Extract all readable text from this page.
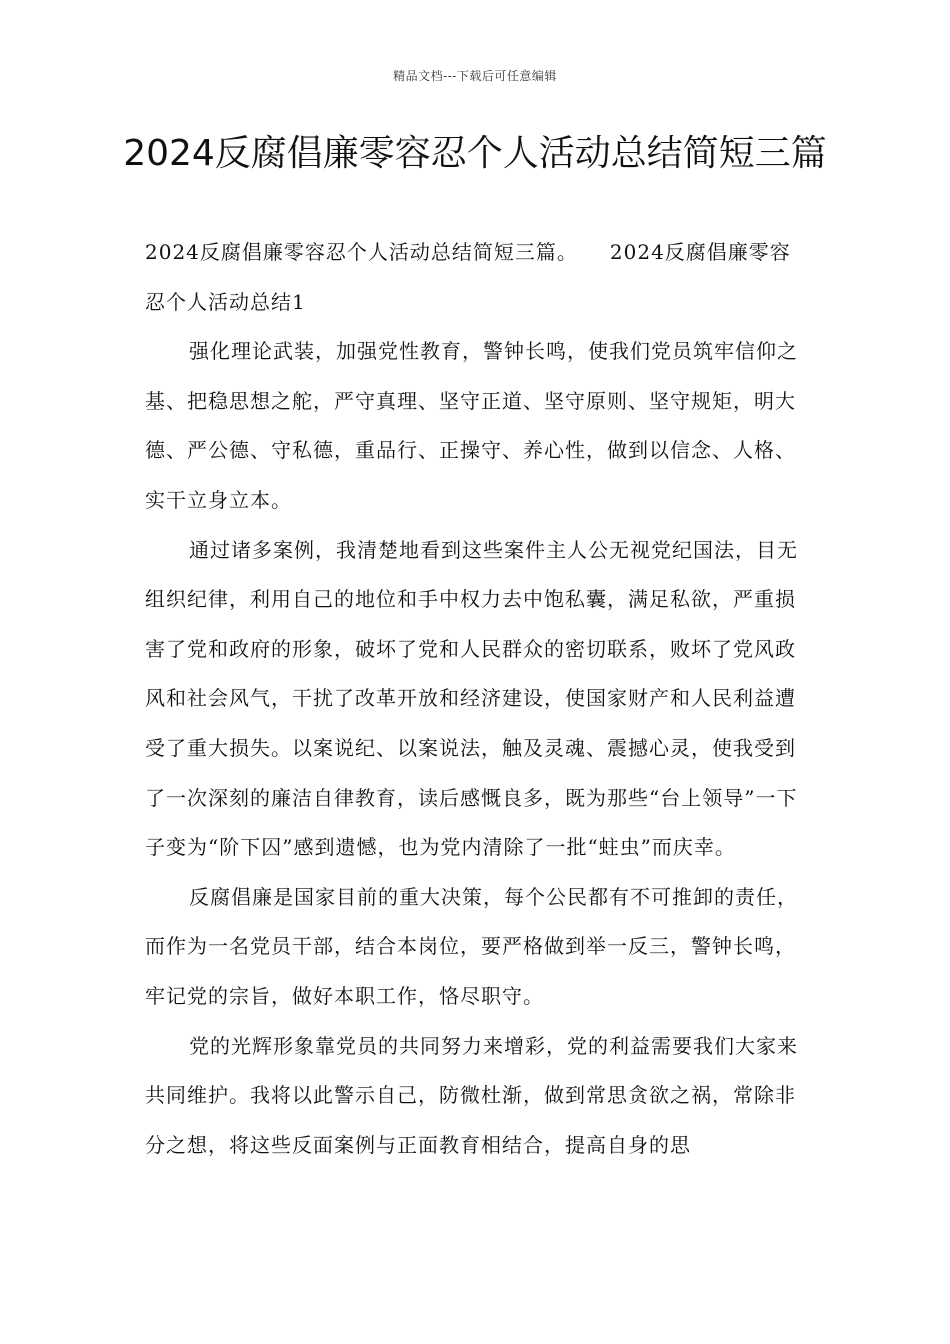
精品文档---下载后可任意编辑
2024反腐倡廉零容忍个人活动总结简短三篇

2024反腐倡廉零容忍个人活动总结简短三篇。　　2024反腐倡廉零容忍个人活动总结1

强化理论武装，加强党性教育，警钟长鸣，使我们党员筑牢信仰之基、把稳思想之舵，严守真理、坚守正道、坚守原则、坚守规矩，明大德、严公德、守私德，重品行、正操守、养心性，做到以信念、人格、实干立身立本。

通过诸多案例，我清楚地看到这些案件主人公无视党纪国法，目无组织纪律，利用自己的地位和手中权力去中饱私囊，满足私欲，严重损害了党和政府的形象，破坏了党和人民群众的密切联系，败坏了党风政风和社会风气，干扰了改革开放和经济建设，使国家财产和人民利益遭受了重大损失。以案说纪、以案说法，触及灵魂、震撼心灵，使我受到了一次深刻的廉洁自律教育，读后感慨良多，既为那些“台上领导”一下子变为“阶下囚”感到遗憾，也为党内清除了一批“蛀虫”而庆幸。

反腐倡廉是国家目前的重大决策，每个公民都有不可推卸的责任，而作为一名党员干部，结合本岗位，要严格做到举一反三，警钟长鸣，牢记党的宗旨，做好本职工作，恪尽职守。

党的光辉形象靠党员的共同努力来增彩，党的利益需要我们大家来共同维护。我将以此警示自己，防微杜渐，做到常思贪欲之祸，常除非分之想，将这些反面案例与正面教育相结合，提高自身的思
